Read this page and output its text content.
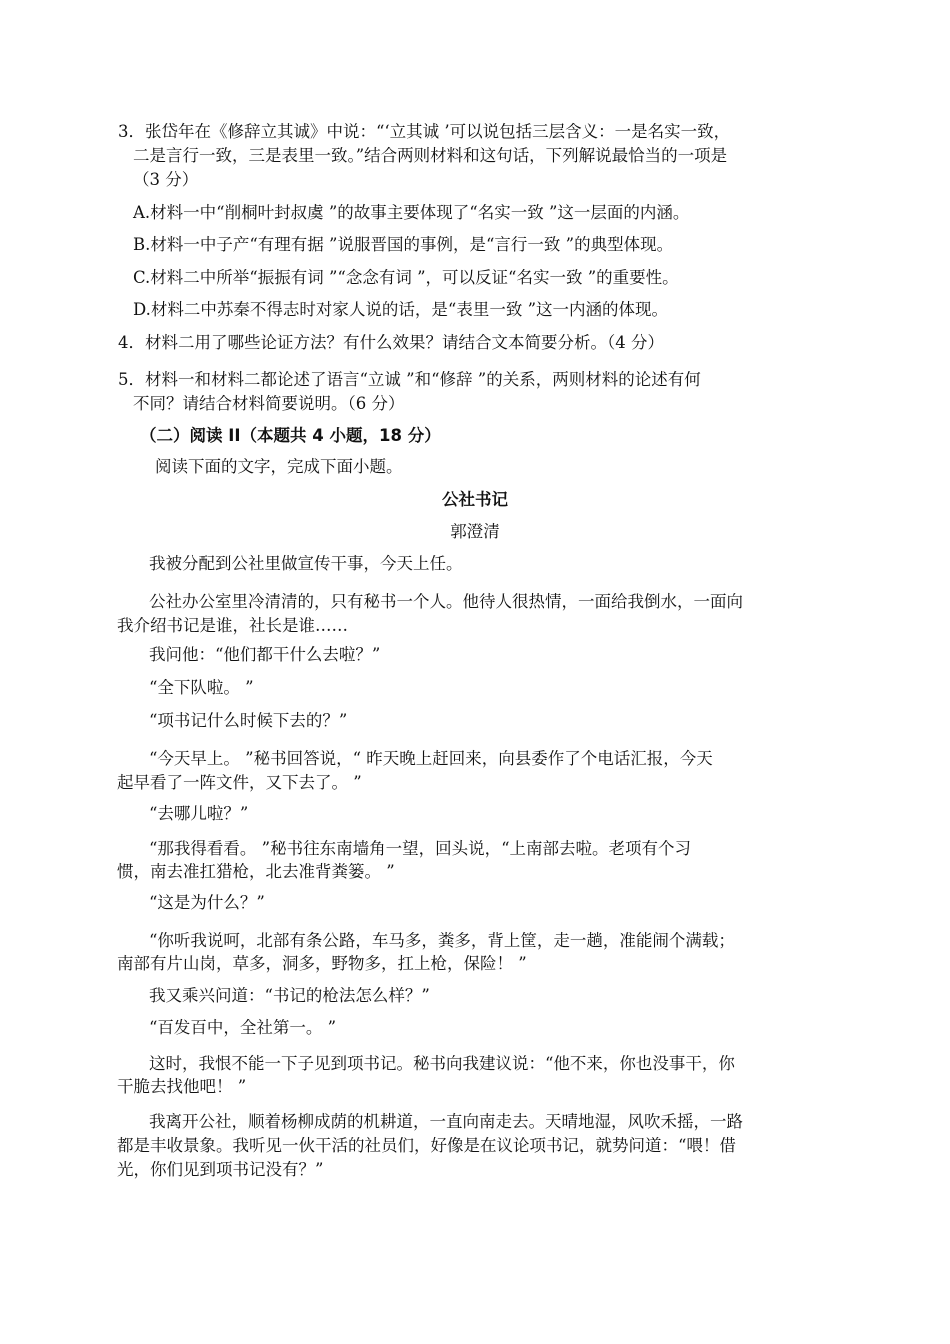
3．张岱年在《修辞立其诚》中说：“‘立其诚 ’可以说包括三层含义：一是名实一致，
二是言行一致，三是表里一致。”结合两则材料和这句话，下列解说最恰当的一项是
（3 分）
A.材料一中“削桐叶封叔虞 ”的故事主要体现了“名实一致 ”这一层面的内涵。
B.材料一中子产“有理有据 ”说服晋国的事例，是“言行一致 ”的典型体现。
C.材料二中所举“振振有词 ”“念念有词 ”，可以反证“名实一致 ”的重要性。
D.材料二中苏秦不得志时对家人说的话，是“表里一致 ”这一内涵的体现。
4．材料二用了哪些论证方法？有什么效果？请结合文本简要分析。（4 分）
5．材料一和材料二都论述了语言“立诚 ”和“修辞 ”的关系，两则材料的论述有何
不同？请结合材料简要说明。（6 分）
（二）阅读 II（本题共 4 小题，18 分）
阅读下面的文字，完成下面小题。
公社书记
郭澄清
我被分配到公社里做宣传干事，今天上任。
公社办公室里冷清清的，只有秘书一个人。他待人很热情，一面给我倒水，一面向
我介绍书记是谁，社长是谁……
我问他：“他们都干什么去啦？”
“全下队啦。 ”
“项书记什么时候下去的？”
“今天早上。 ”秘书回答说，“ 昨天晚上赶回来，向县委作了个电话汇报，今天
起早看了一阵文件，又下去了。 ”
“去哪儿啦？”
“那我得看看。 ”秘书往东南墙角一望，回头说，“上南部去啦。老项有个习
惯，南去准扛猎枪，北去准背粪篓。 ”
“这是为什么？”
“你听我说呵，北部有条公路，车马多，粪多，背上筐，走一趟，准能闹个满载；
南部有片山岗，草多，洞多，野物多，扛上枪，保险！ ”
我又乘兴问道：“书记的枪法怎么样？”
“百发百中，全社第一。 ”
这时，我恨不能一下子见到项书记。秘书向我建议说：“他不来，你也没事干，你
干脆去找他吧！ ”
我离开公社，顺着杨柳成荫的机耕道，一直向南走去。天晴地湿，风吹禾摇，一路
都是丰收景象。我听见一伙干活的社员们，好像是在议论项书记，就势问道：“喂！借
光，你们见到项书记没有？”
